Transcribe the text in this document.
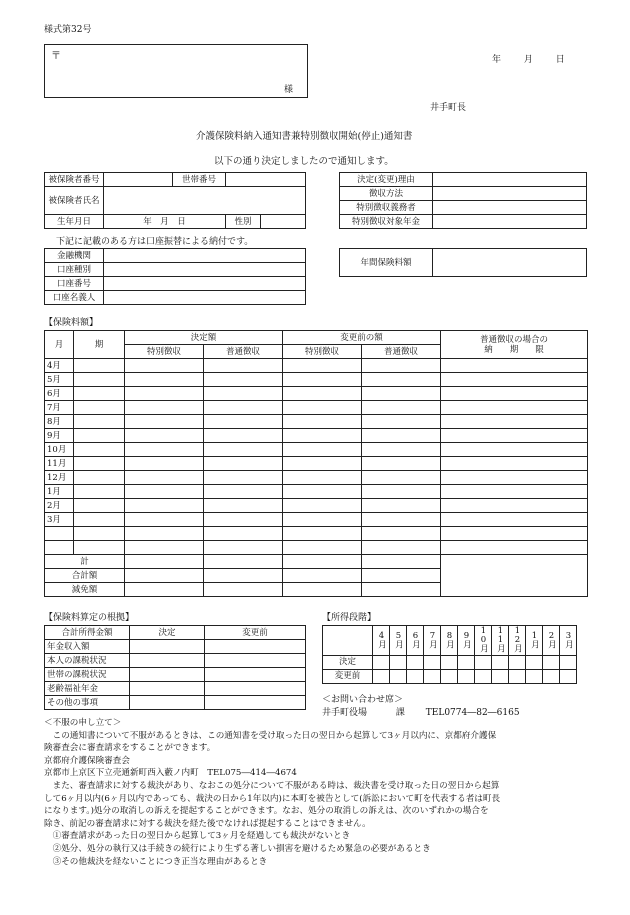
様式第32号
〒
様
年	月	日
井手町長
介護保険料納入通知書兼特別徴収開始(停止)通知書
以下の通り決定しましたので通知します。
被保険者番号		世帯番号		
被保険者氏名				
生年月日	年　月　日		性別	
決定(変更)理由	
徴収方法	
特別徴収義務者	
特別徴収対象年金	
下記に記載のある方は口座振替による納付です。
金融機関	
口座種別	
口座番号	
口座名義人	
年間保険料額	
【保険料額】
月	期	決定額		変更前の額		普通徴収の場合の
納　　期　　限
		特別徴収	普通徴収	特別徴収	普通徴収	
4月						
5月						
6月						
7月						
8月						
9月						
10月						
11月						
12月						
1月						
2月						
3月						

計						
合計額						
減免額						
【保険料算定の根拠】
合計所得金額	決定	変更前
年金収入額		
本人の課税状況		
世帯の課税状況		
老齢福祉年金		
その他の事項		
【所得段階】
	4月	5月	6月	7月	8月	9月	10月	11月	12月	1月	2月	3月
決定												
変更前												
＜お問い合わせ席＞
井手町役場	課 TEL0774―82―6165

＜不服の申し立て＞

　この通知書について不服があるときは、この通知書を受け取った日の翌日から起算して3ヶ月以内に、京都府介護保

険審査会に審査請求をすることができます。

京都府介護保険審査会

京都市上京区下立売通新町西入藪ノ内町　TEL075―414―4674

　また、審査請求に対する裁決があり、なおこの処分について不服がある時は、裁決書を受け取った日の翌日から起算

して6ヶ月以内(6ヶ月以内であっても、裁決の日から1年以内)に本町を被告として(訴訟において町を代表する者は町長

になります。)処分の取消しの訴えを提起することができます。なお、処分の取消しの訴えは、次のいずれかの場合を

除き、前記の審査請求に対する裁決を経た後でなければ提起することはできません。

　①審査請求があった日の翌日から起算して3ヶ月を経過しても裁決がないとき

　②処分、処分の執行又は手続きの続行により生ずる著しい損害を避けるため緊急の必要があるとき

　③その他裁決を経ないことにつき正当な理由があるとき
